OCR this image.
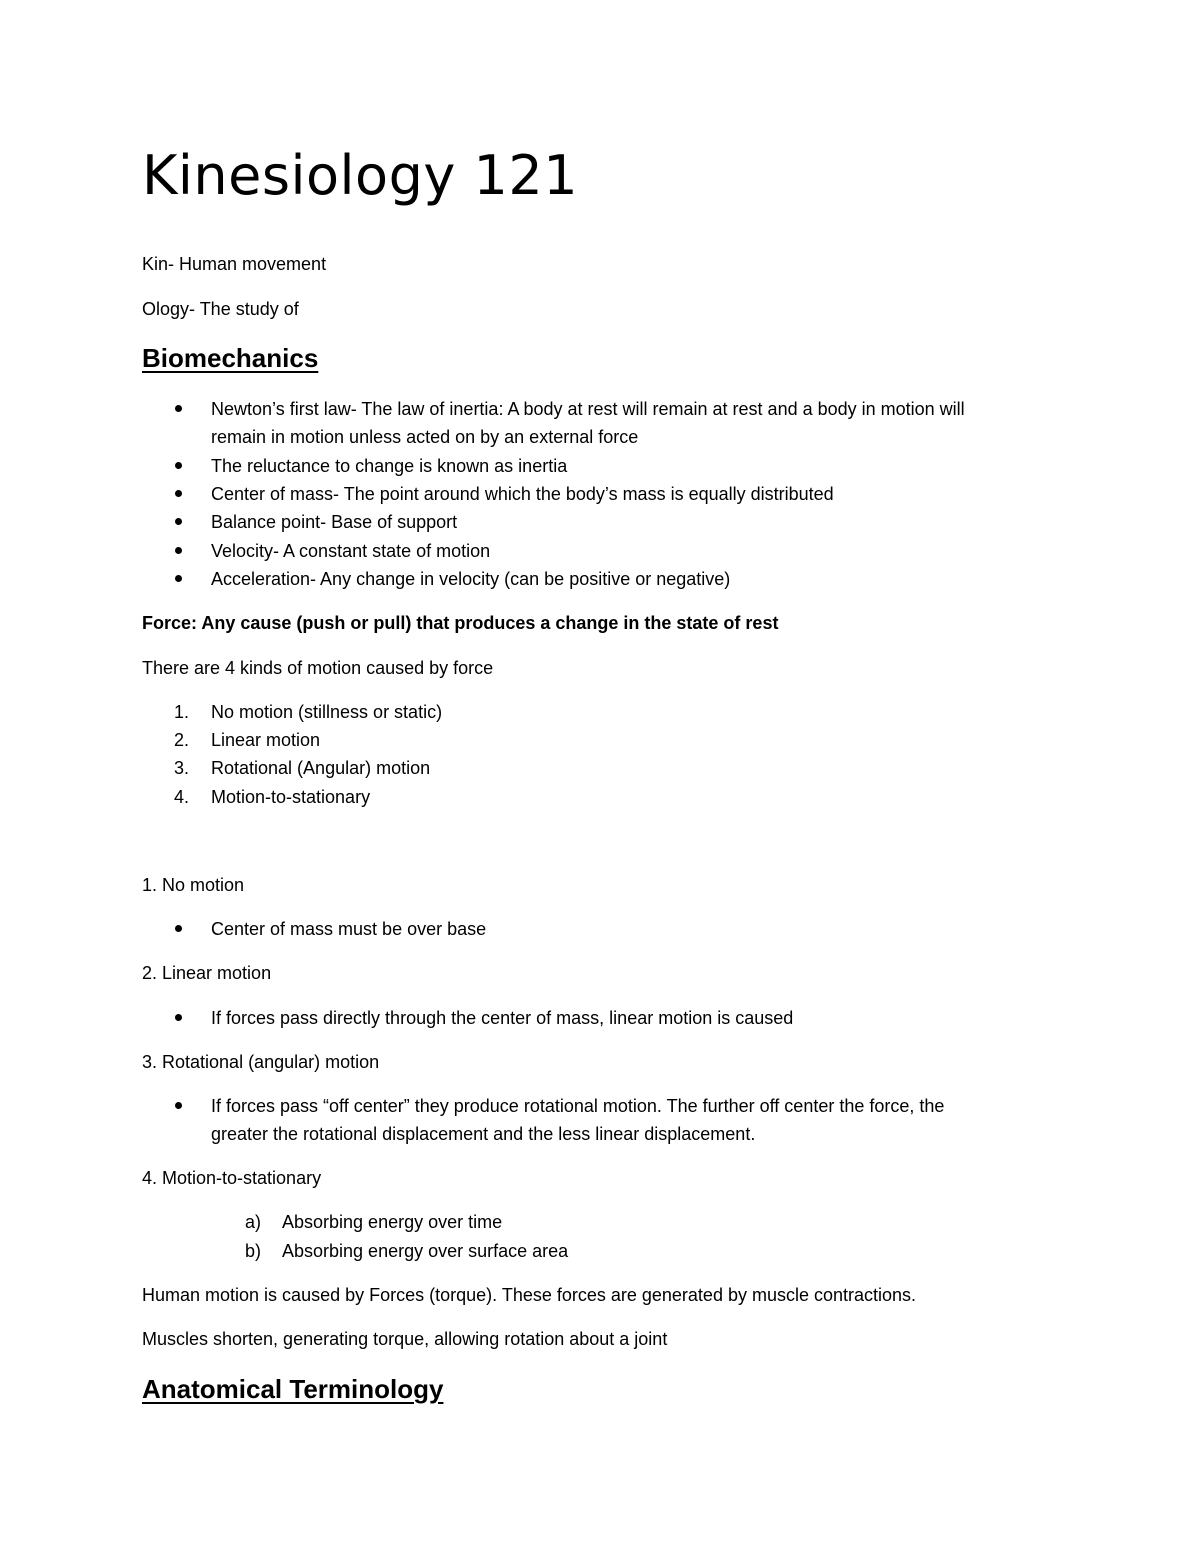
Kinesiology 121
Kin- Human movement
Ology- The study of
Biomechanics
Newton’s first law- The law of inertia: A body at rest will remain at rest and a body in motion will
remain in motion unless acted on by an external force
The reluctance to change is known as inertia
Center of mass- The point around which the body’s mass is equally distributed
Balance point- Base of support
Velocity- A constant state of motion
Acceleration- Any change in velocity (can be positive or negative)
Force: Any cause (push or pull) that produces a change in the state of rest
There are 4 kinds of motion caused by force
1. No motion (stillness or static)
2. Linear motion
3. Rotational (Angular) motion
4. Motion-to-stationary
1. No motion
Center of mass must be over base
2. Linear motion
If forces pass directly through the center of mass, linear motion is caused
3. Rotational (angular) motion
If forces pass “off center” they produce rotational motion. The further off center the force, the
greater the rotational displacement and the less linear displacement.
4. Motion-to-stationary
a) Absorbing energy over time
b) Absorbing energy over surface area
Human motion is caused by Forces (torque). These forces are generated by muscle contractions.
Muscles shorten, generating torque, allowing rotation about a joint
Anatomical Terminology
